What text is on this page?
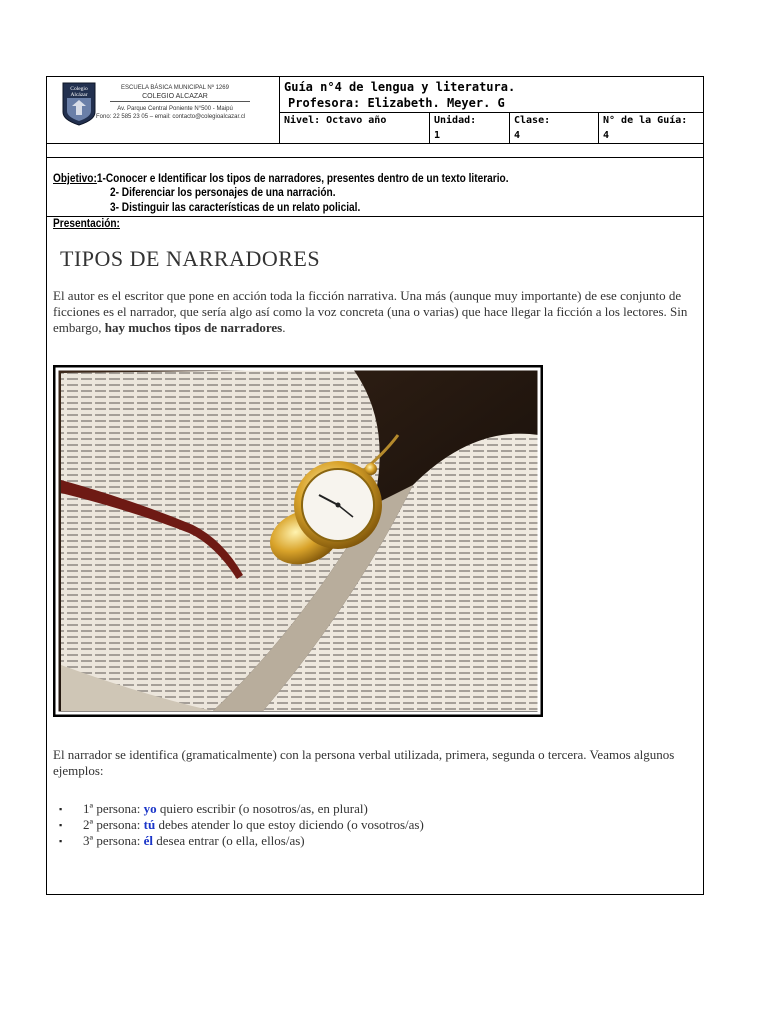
Colegio
Alcázar
ESCUELA BÁSICA MUNICIPAL Nº 1269
COLEGIO ALCAZAR
Av. Parque Central Poniente N°500 - Maipú
Fono: 22 585 23 05 – email: contacto@colegioalcazar.cl
Guía n°4 de lengua y literatura.
Profesora: Elizabeth. Meyer. G
Nivel: Octavo año	Unidad:
1
Clase:
4
N° de la Guía:
4
Objetivo:1-Conocer e Identificar los tipos de narradores, presentes dentro de un texto literario.
2- Diferenciar los personajes de una narración.
3- Distinguir las características de un relato policial.
Presentación:
TIPOS DE NARRADORES
El autor es el escritor que pone en acción toda la ficción narrativa. Una más (aunque muy importante) de ese conjunto de ficciones es el narrador, que sería algo así como la voz concreta (una o varias) que hace llegar la ficción a los lectores. Sin embargo, hay muchos tipos de narradores.
El narrador se identifica (gramaticalmente) con la persona verbal utilizada, primera, segunda o tercera. Veamos algunos ejemplos:
▪ 1ª persona: yo quiero escribir (o nosotros/as, en plural)
▪ 2ª persona: tú debes atender lo que estoy diciendo (o vosotros/as)
▪ 3ª persona: él desea entrar (o ella, ellos/as)
